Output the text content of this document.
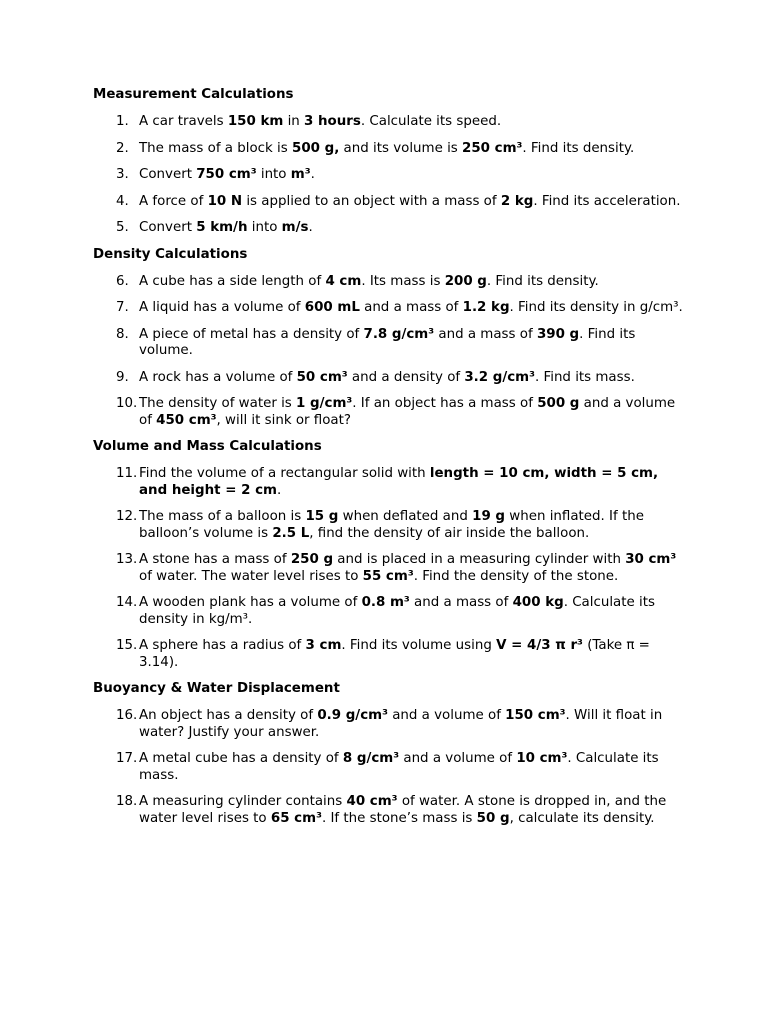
Measurement Calculations
1. A car travels 150 km in 3 hours. Calculate its speed.
2. The mass of a block is 500 g, and its volume is 250 cm³. Find its density.
3. Convert 750 cm³ into m³.
4. A force of 10 N is applied to an object with a mass of 2 kg. Find its acceleration.
5. Convert 5 km/h into m/s.
Density Calculations
6. A cube has a side length of 4 cm. Its mass is 200 g. Find its density.
7. A liquid has a volume of 600 mL and a mass of 1.2 kg. Find its density in g/cm³.
8. A piece of metal has a density of 7.8 g/cm³ and a mass of 390 g. Find its volume.
9. A rock has a volume of 50 cm³ and a density of 3.2 g/cm³. Find its mass.
10. The density of water is 1 g/cm³. If an object has a mass of 500 g and a volume of 450 cm³, will it sink or float?
Volume and Mass Calculations
11. Find the volume of a rectangular solid with length = 10 cm, width = 5 cm, and height = 2 cm.
12. The mass of a balloon is 15 g when deflated and 19 g when inflated. If the balloon’s volume is 2.5 L, find the density of air inside the balloon.
13. A stone has a mass of 250 g and is placed in a measuring cylinder with 30 cm³ of water. The water level rises to 55 cm³. Find the density of the stone.
14. A wooden plank has a volume of 0.8 m³ and a mass of 400 kg. Calculate its density in kg/m³.
15. A sphere has a radius of 3 cm. Find its volume using V = 4/3 π r³ (Take π = 3.14).
Buoyancy & Water Displacement
16. An object has a density of 0.9 g/cm³ and a volume of 150 cm³. Will it float in water? Justify your answer.
17. A metal cube has a density of 8 g/cm³ and a volume of 10 cm³. Calculate its mass.
18. A measuring cylinder contains 40 cm³ of water. A stone is dropped in, and the water level rises to 65 cm³. If the stone’s mass is 50 g, calculate its density.
